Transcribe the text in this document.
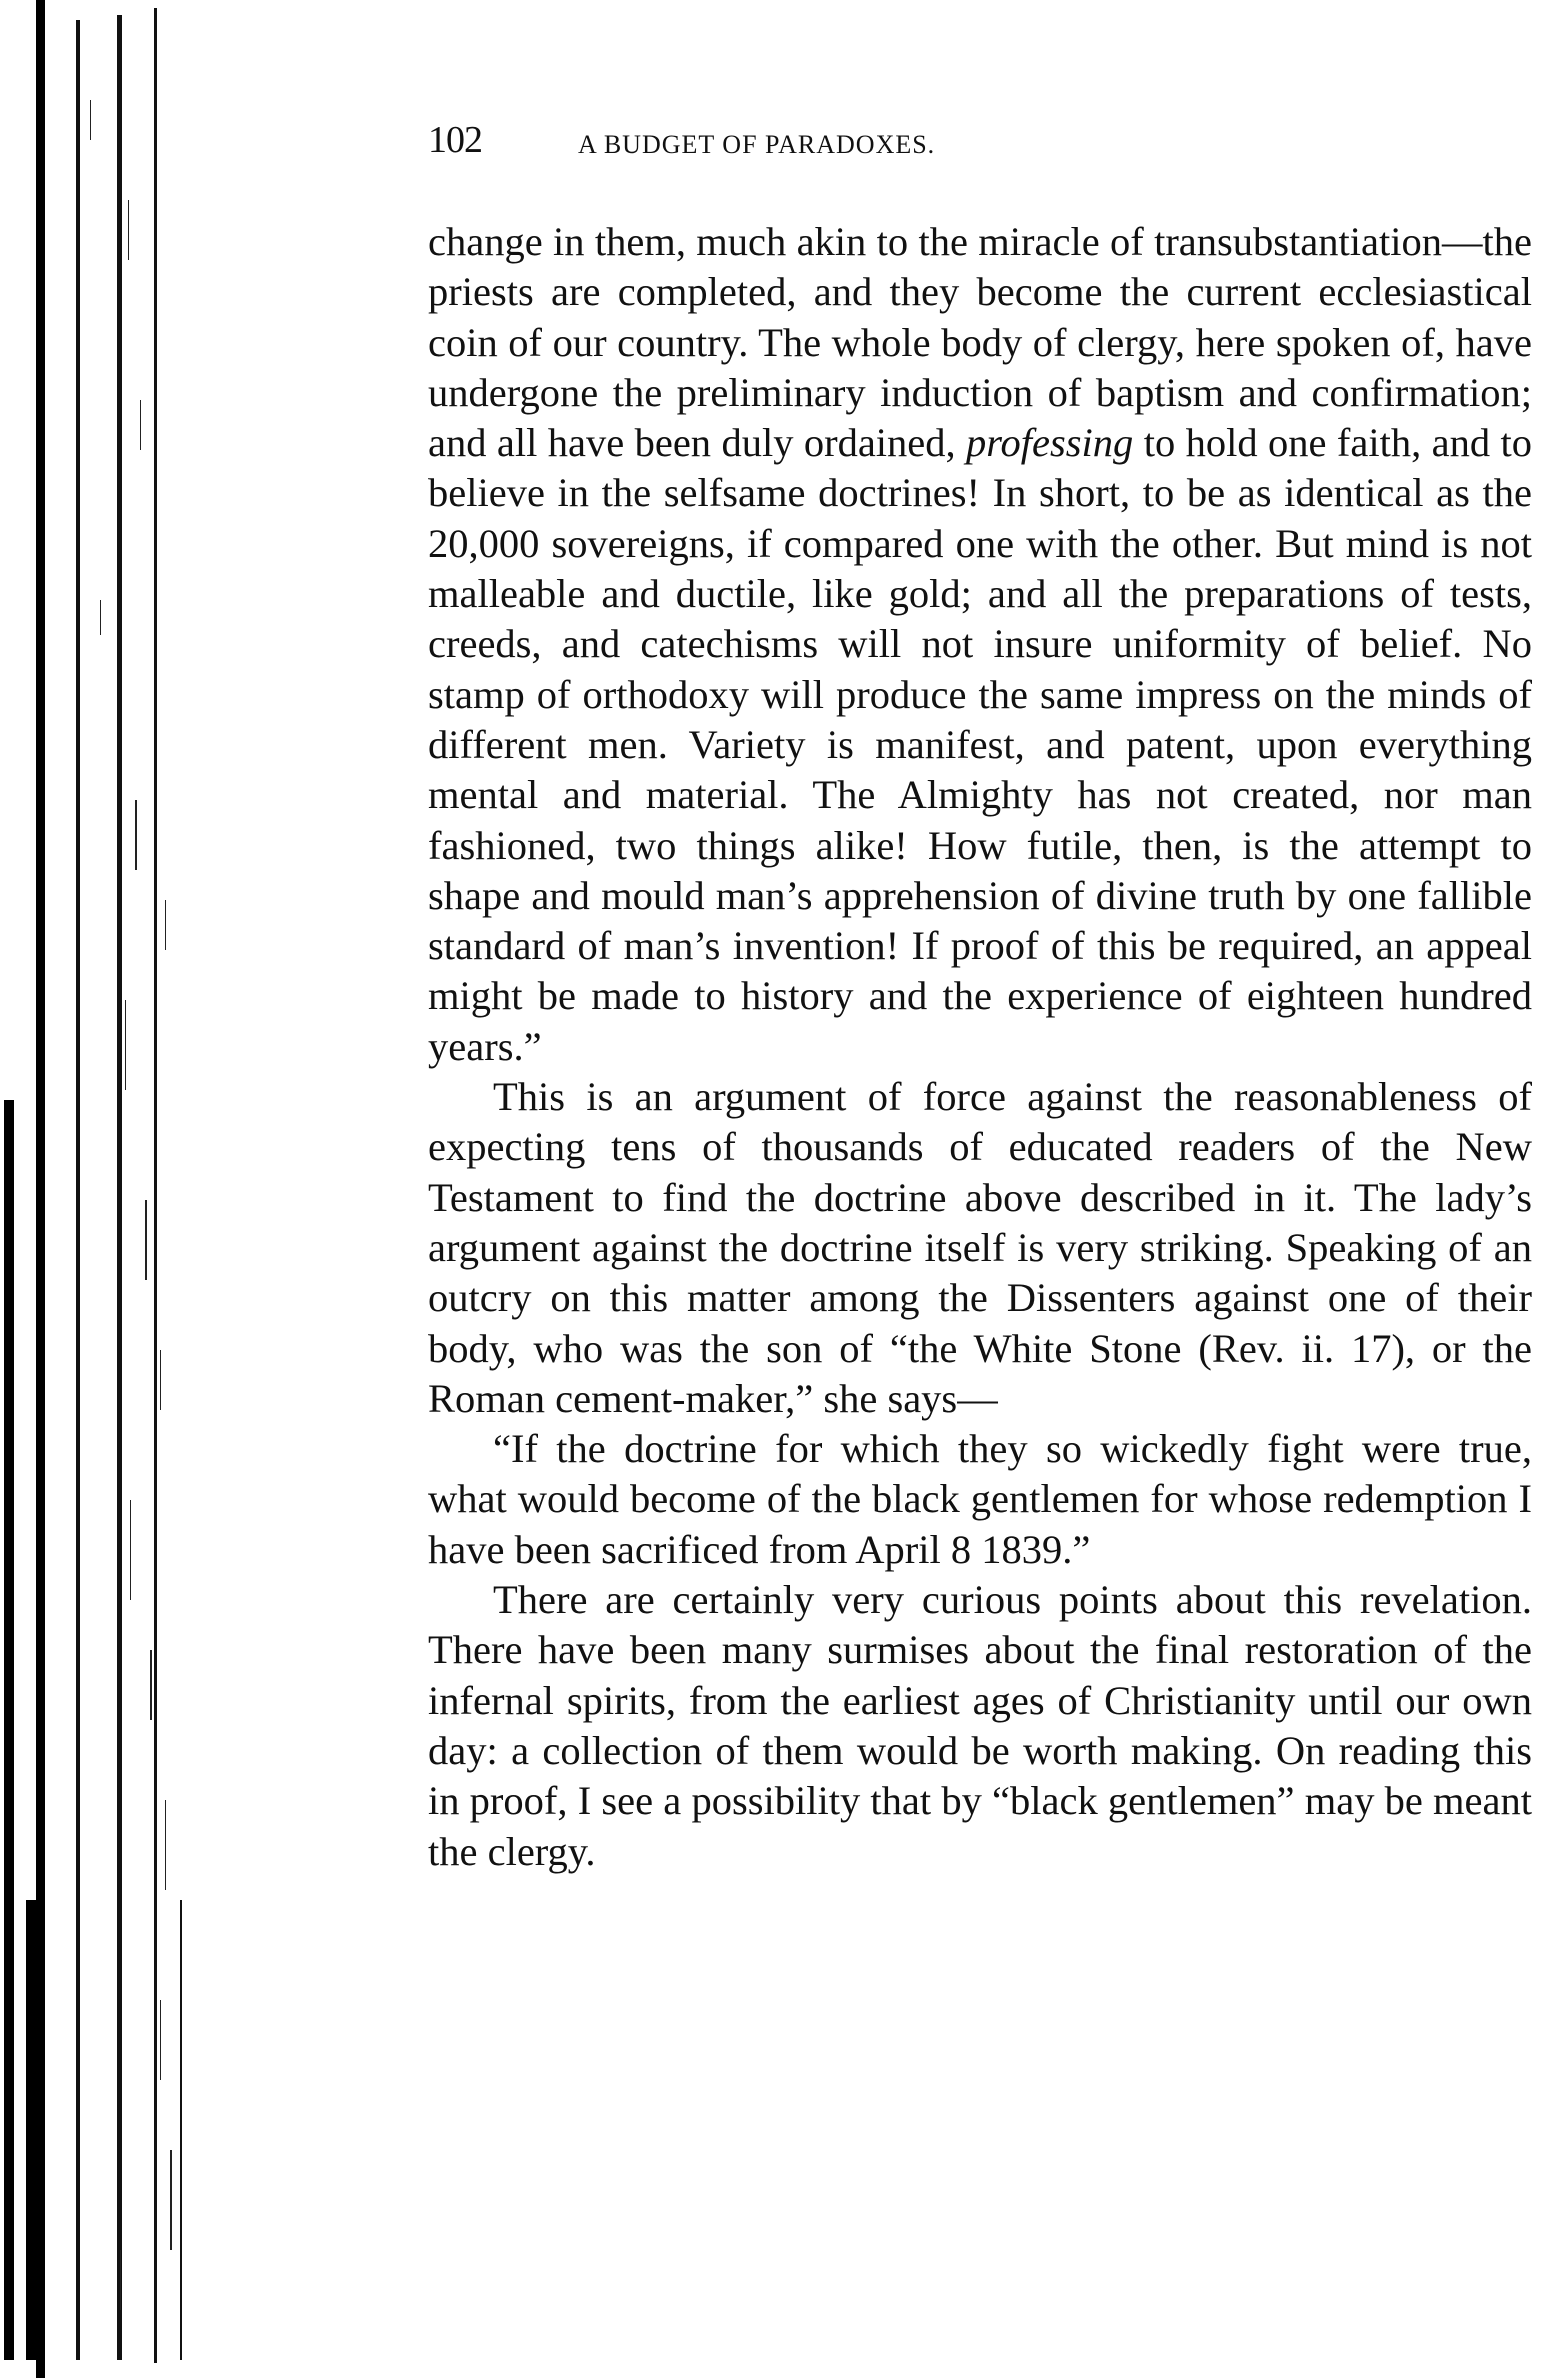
102	A BUDGET OF PARADOXES.

change in them, much akin to the miracle of transubstantiation—the priests are completed, and they become the current ecclesiastical coin of our country. The whole body of clergy, here spoken of, have undergone the preliminary induction of baptism and confirmation; and all have been duly ordained, professing to hold one faith, and to believe in the selfsame doctrines! In short, to be as identical as the 20,000 sovereigns, if compared one with the other. But mind is not malleable and ductile, like gold; and all the preparations of tests, creeds, and catechisms will not insure uniformity of belief. No stamp of orthodoxy will produce the same impress on the minds of different men. Variety is manifest, and patent, upon everything mental and material. The Almighty has not created, nor man fashioned, two things alike! How futile, then, is the attempt to shape and mould man’s apprehension of divine truth by one fallible standard of man’s invention! If proof of this be required, an appeal might be made to history and the experience of eighteen hundred years.”

This is an argument of force against the reasonableness of expecting tens of thousands of educated readers of the New Testament to find the doctrine above described in it. The lady’s argument against the doctrine itself is very striking. Speaking of an outcry on this matter among the Dissenters against one of their body, who was the son of “the White Stone (Rev. ii. 17), or the Roman cement-maker,” she says—

“If the doctrine for which they so wickedly fight were true, what would become of the black gentlemen for whose redemption I have been sacrificed from April 8 1839.”

There are certainly very curious points about this revelation. There have been many surmises about the final restoration of the infernal spirits, from the earliest ages of Christianity until our own day: a collection of them would be worth making. On reading this in proof, I see a possibility that by “black gentlemen” may be meant the clergy.
